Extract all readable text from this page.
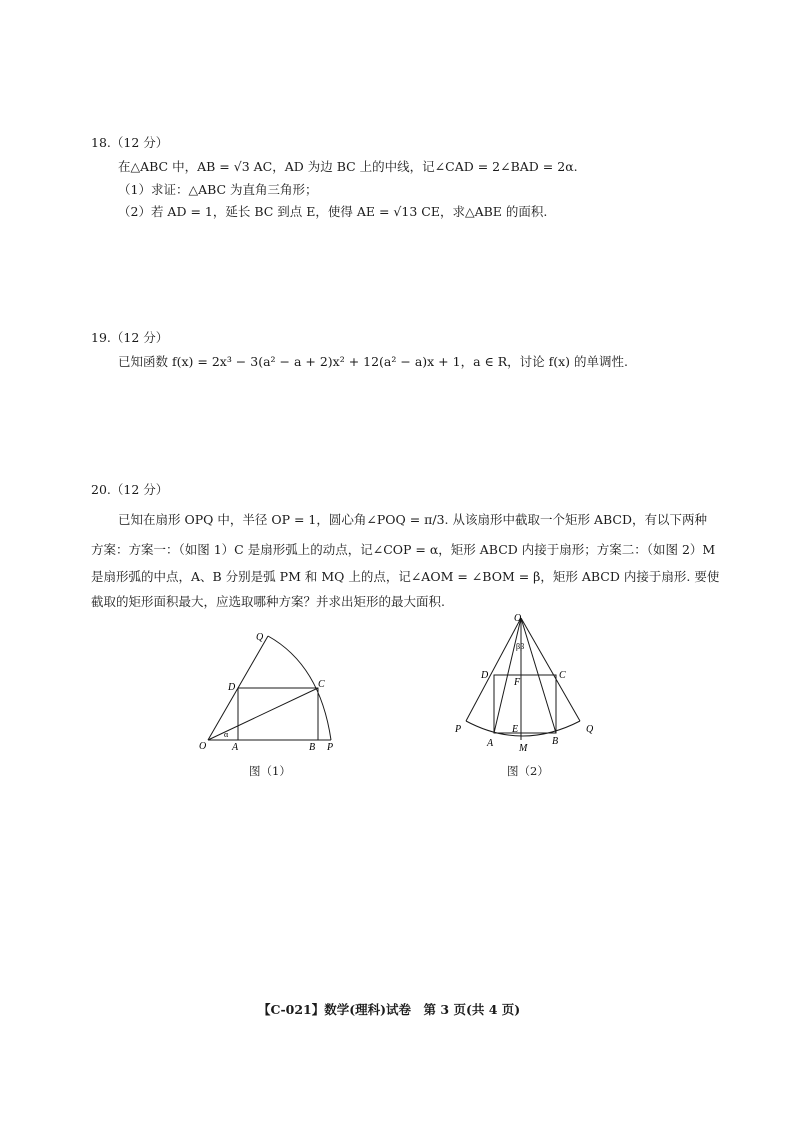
18.（12 分）
在△ABC 中，AB = √3 AC，AD 为边 BC 上的中线，记∠CAD = 2∠BAD = 2α.
（1）求证：△ABC 为直角三角形；
（2）若 AD = 1，延长 BC 到点 E，使得 AE = √13 CE，求△ABE 的面积.
19.（12 分）
已知函数 f(x) = 2x³ − 3(a² − a + 2)x² + 12(a² − a)x + 1，a ∈ R，讨论 f(x) 的单调性.
20.（12 分）
已知在扇形 OPQ 中，半径 OP = 1，圆心角∠POQ = π/3. 从该扇形中截取一个矩形 ABCD，有以下两种
方案：方案一：（如图 1）C 是扇形弧上的动点，记∠COP = α，矩形 ABCD 内接于扇形；方案二：（如图 2）M
是扇形弧的中点，A、B 分别是弧 PM 和 MQ 上的点，记∠AOM = ∠BOM = β，矩形 ABCD 内接于扇形. 要使
截取的矩形面积最大，应选取哪种方案？并求出矩形的最大面积.
O	A	B P
C
D
Q
α
图（1）
O
ββ
D	C
F
P	Q
E
A	B
M
图（2）
【C-021】数学(理科)试卷　第 3 页(共 4 页)
